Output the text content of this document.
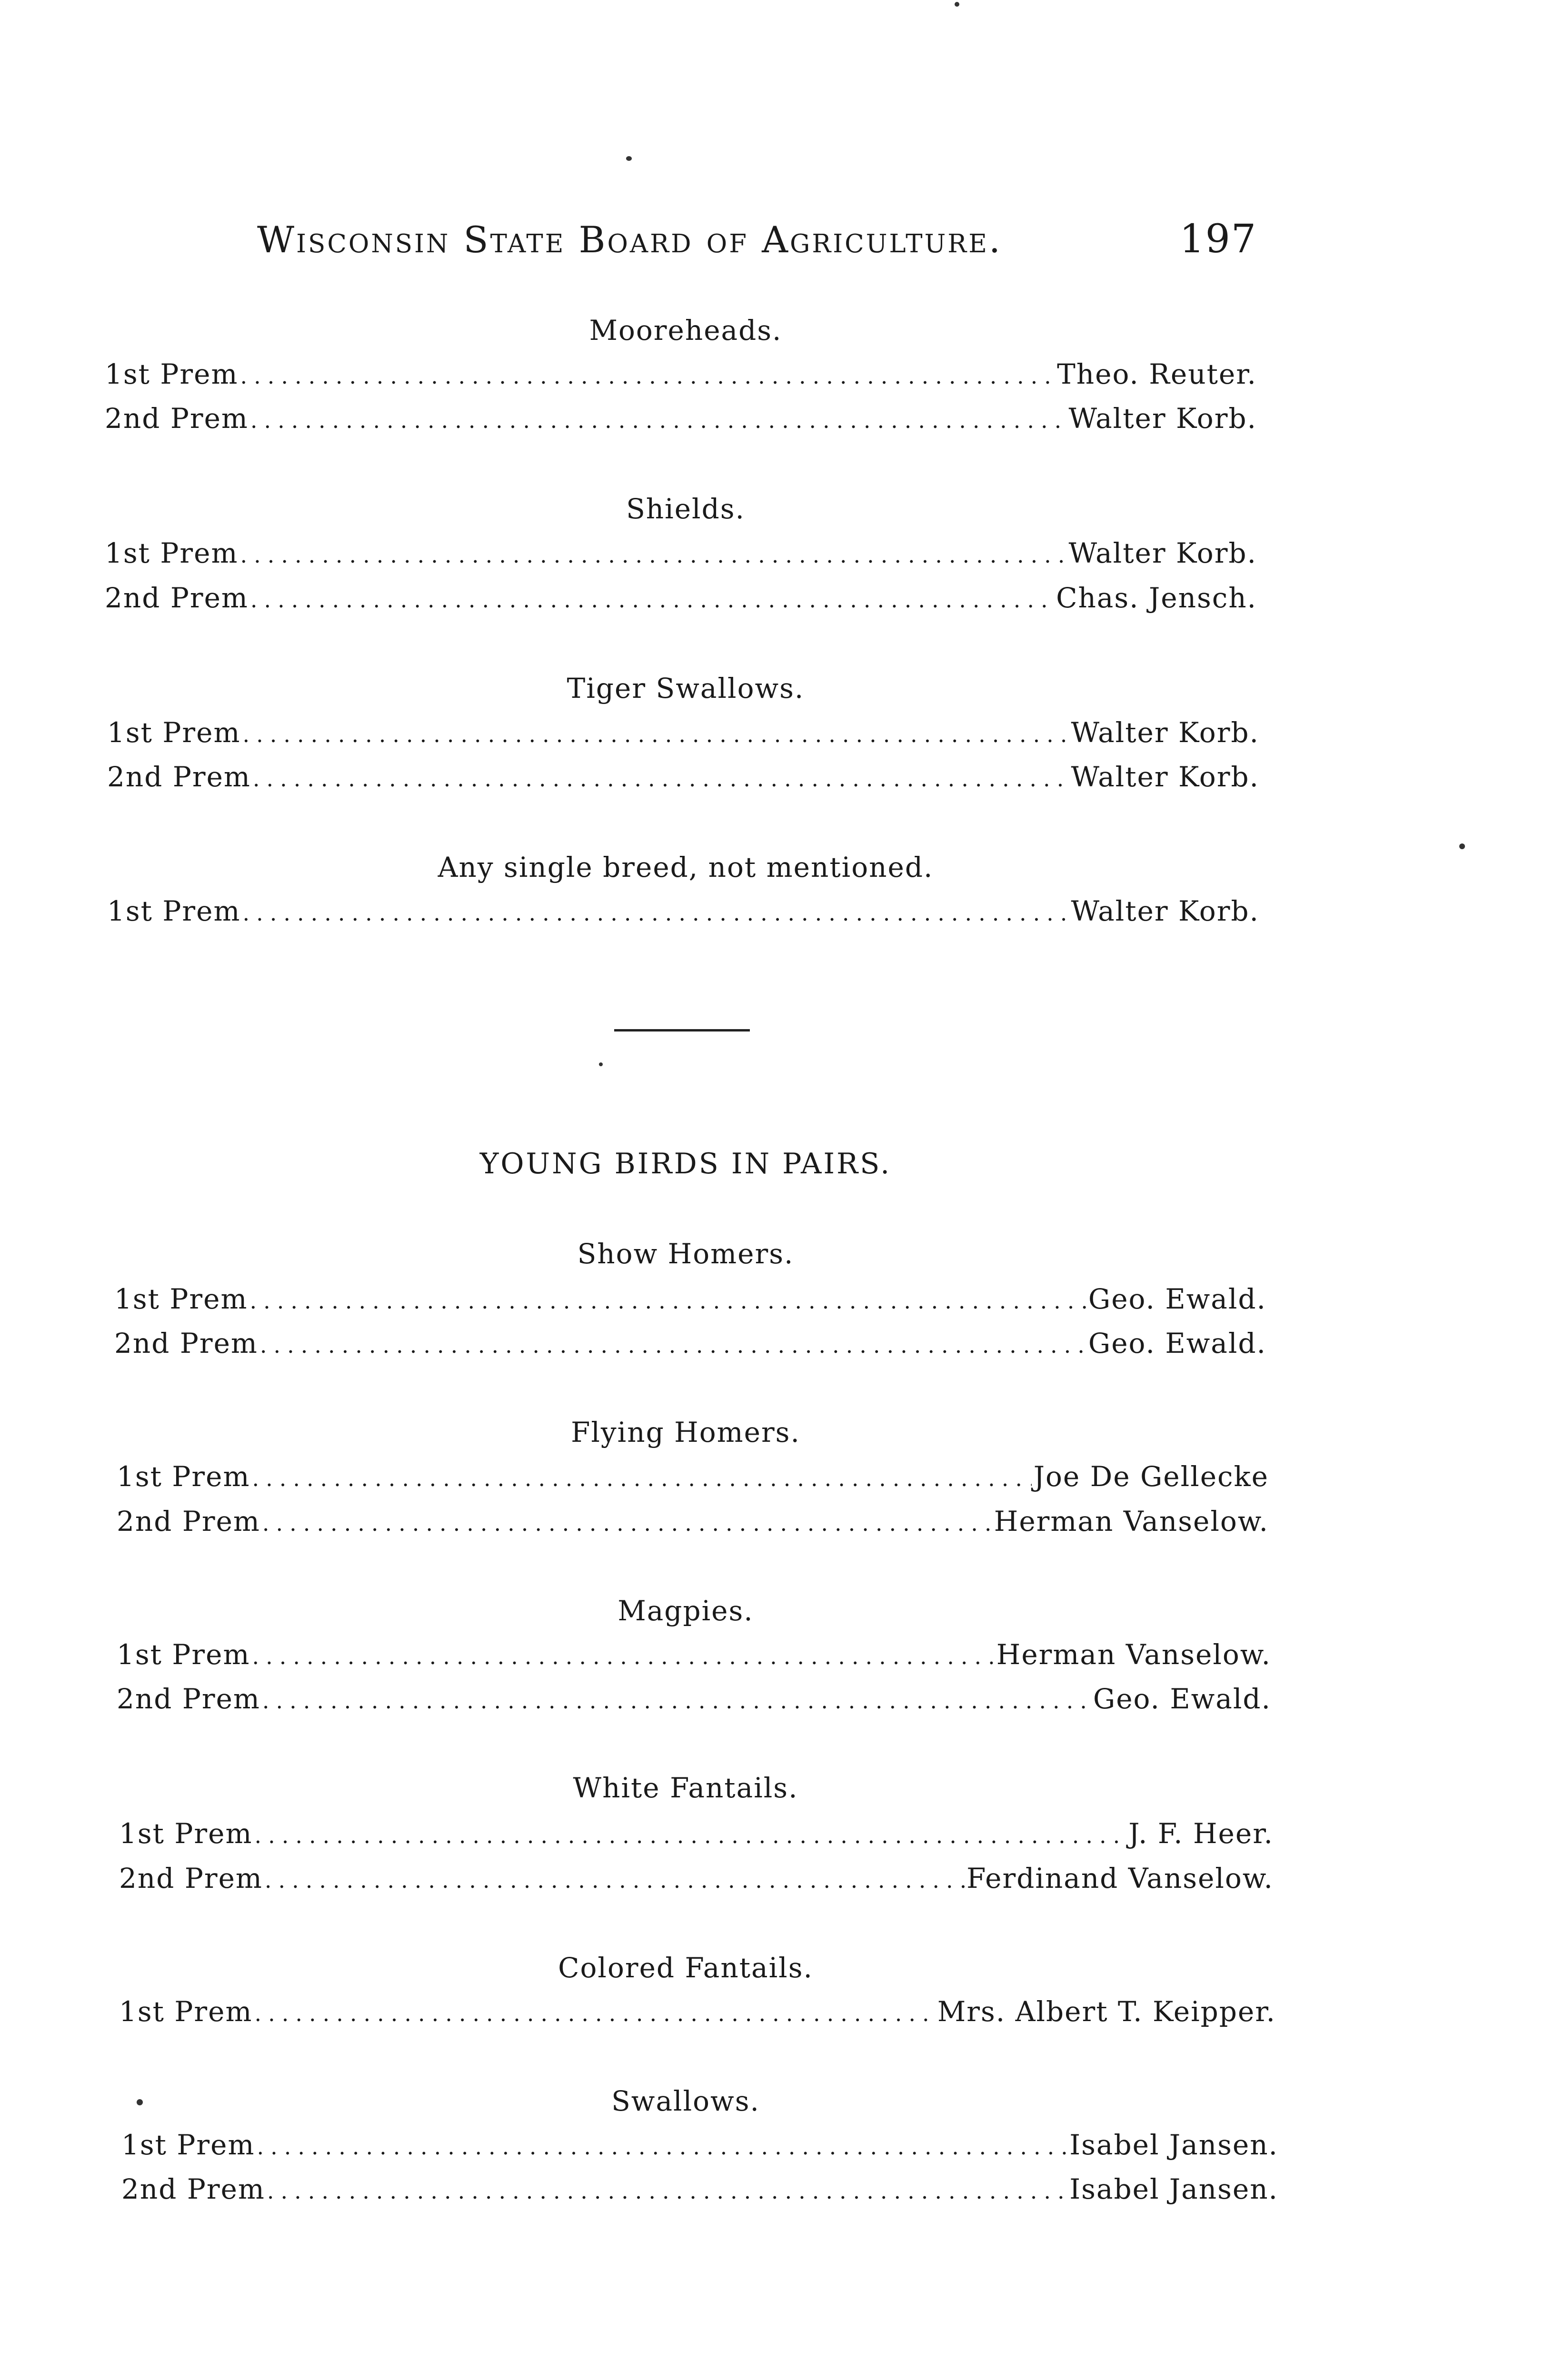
Wisconsin State Board of Agriculture.	197
Mooreheads.
1st Prem .....	Theo. Reuter.
2nd Prem .....	Walter Korb.
Shields.
1st Prem .....	Walter Korb.
2nd Prem .....	Chas. Jensch.
Tiger Swallows.
1st Prem .....	Walter Korb.
2nd Prem .....	Walter Korb.
Any single breed, not mentioned.
1st Prem .....	Walter Korb.
YOUNG BIRDS IN PAIRS.
Show Homers.
1st Prem .....	Geo. Ewald.
2nd Prem .....	Geo. Ewald.
Flying Homers.
1st Prem .....	Joe De Gellecke
2nd Prem .....	Herman Vanselow.
Magpies.
1st Prem .....	Herman Vanselow.
2nd Prem .....	Geo. Ewald.
White Fantails.
1st Prem .....	J. F. Heer.
2nd Prem .....	Ferdinand Vanselow.
Colored Fantails.
1st Prem .....	Mrs. Albert T. Keipper.
Swallows.
1st Prem .....	Isabel Jansen.
2nd Prem .....	Isabel Jansen.
